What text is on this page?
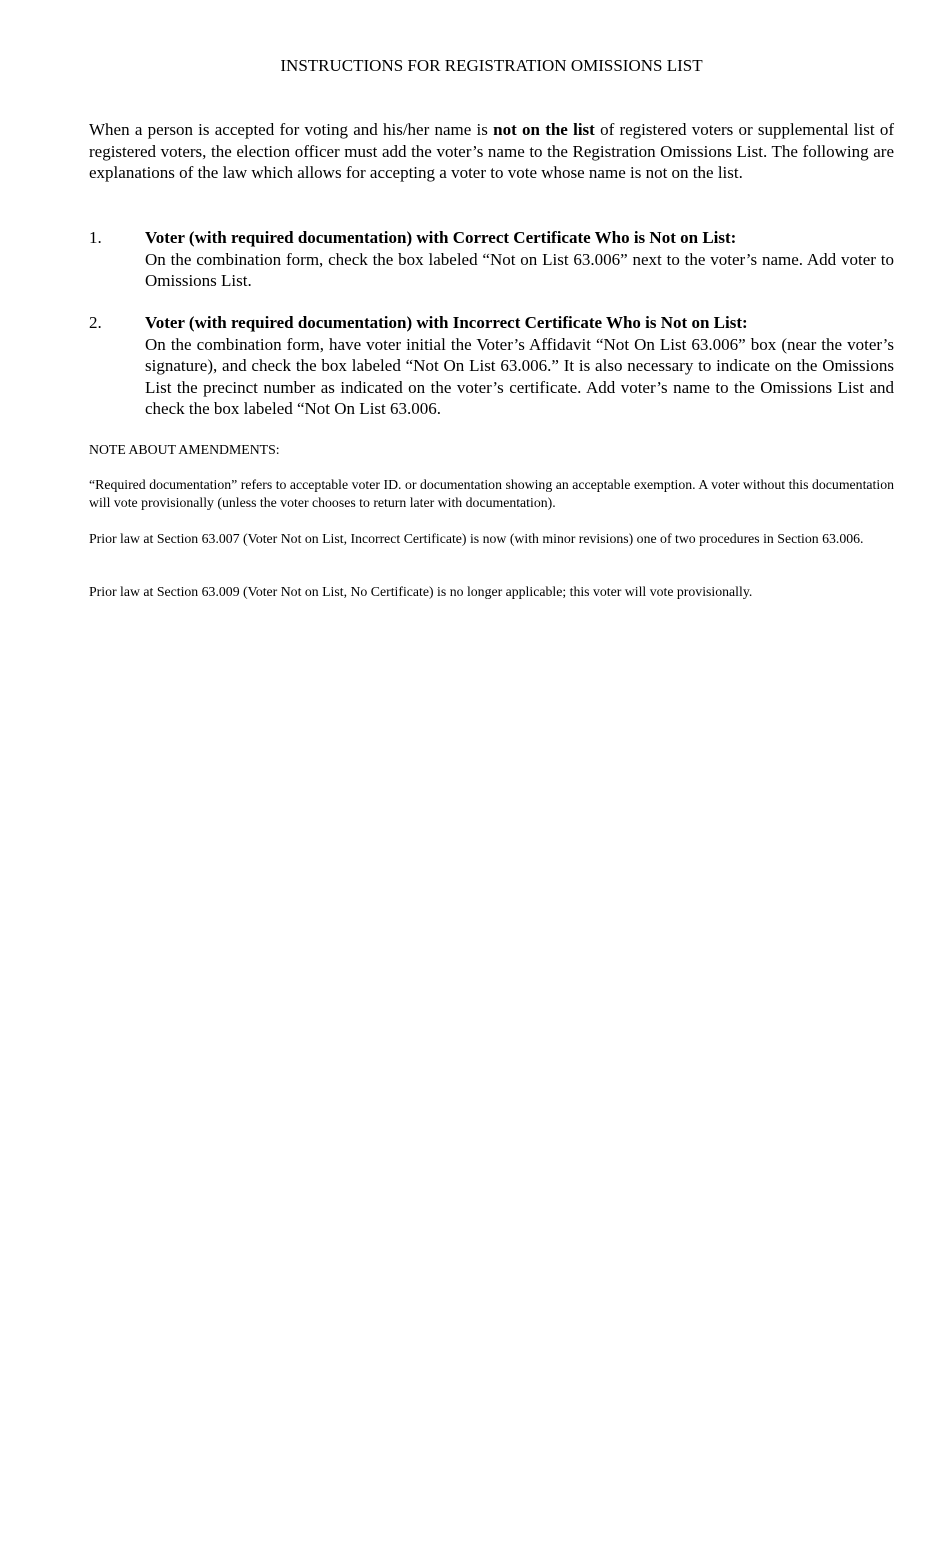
INSTRUCTIONS FOR REGISTRATION OMISSIONS LIST

When a person is accepted for voting and his/her name is not on the list of registered voters or supplemental list of registered voters, the election officer must add the voter’s name to the Registration Omissions List. The following are explanations of the law which allows for accepting a voter to vote whose name is not on the list.

1.	Voter (with required documentation) with Correct Certificate Who is Not on List:
On the combination form, check the box labeled “Not on List 63.006” next to the voter’s name. Add voter to Omissions List.
2.	Voter (with required documentation) with Incorrect Certificate Who is Not on List:
On the combination form, have voter initial the Voter’s Affidavit “Not On List 63.006” box (near the voter’s signature), and check the box labeled “Not On List 63.006.” It is also necessary to indicate on the Omissions List the precinct number as indicated on the voter’s certificate. Add voter’s name to the Omissions List and check the box labeled “Not On List 63.006.
NOTE ABOUT AMENDMENTS:

“Required documentation” refers to acceptable voter ID. or documentation showing an acceptable exemption. A voter without this documentation will vote provisionally (unless the voter chooses to return later with documentation).

Prior law at Section 63.007 (Voter Not on List, Incorrect Certificate) is now (with minor revisions) one of two procedures in Section 63.006.

Prior law at Section 63.009 (Voter Not on List, No Certificate) is no longer applicable; this voter will vote provisionally.
